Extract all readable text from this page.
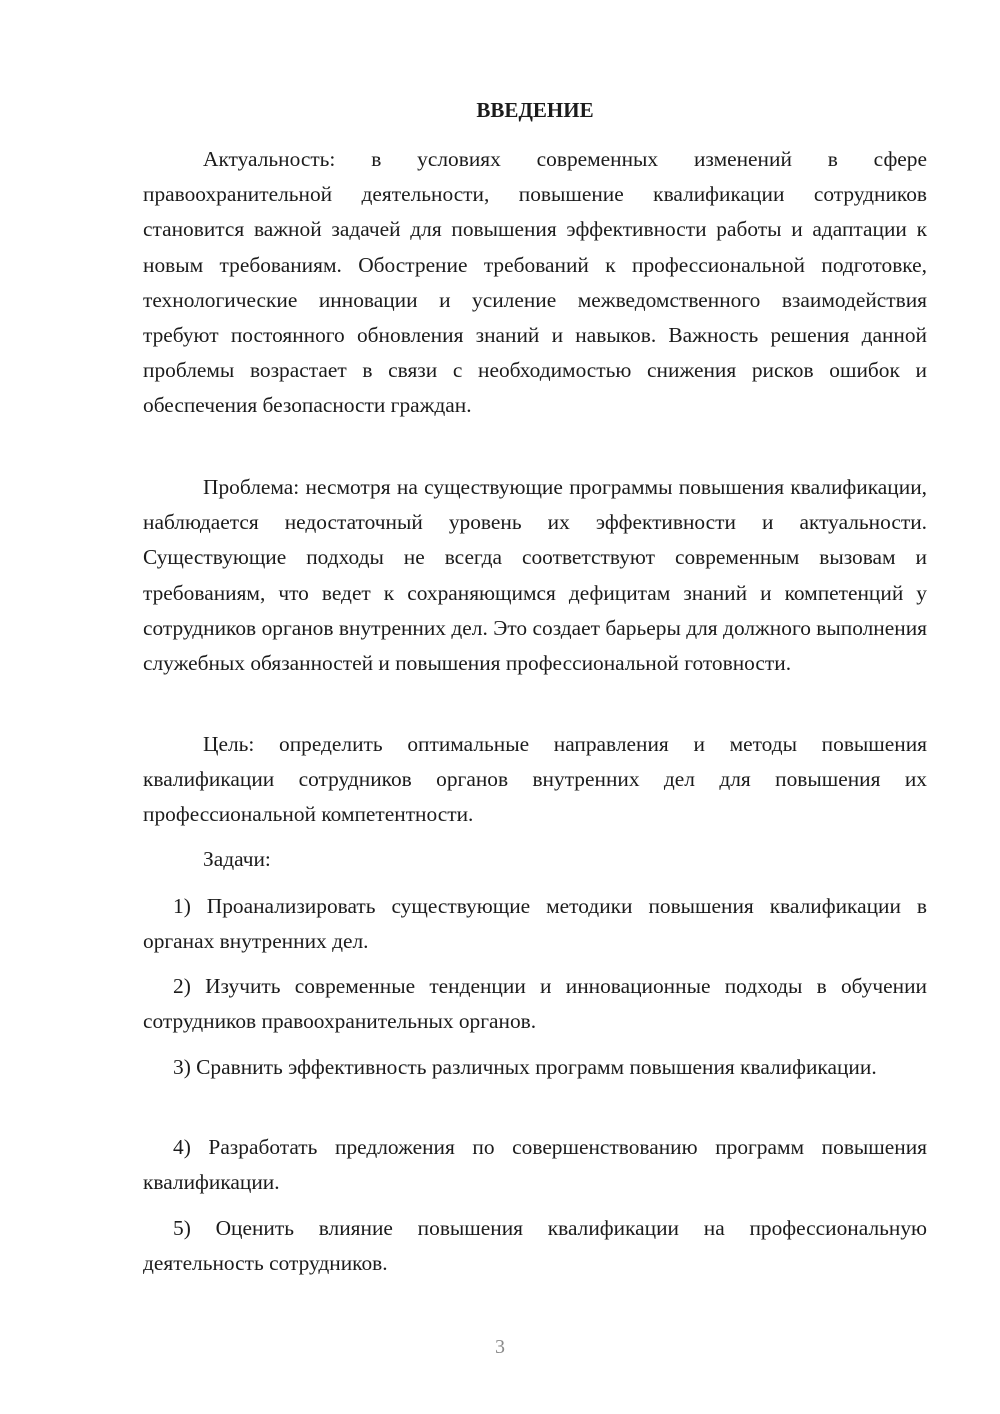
ВВЕДЕНИЕ

Актуальность: в условиях современных изменений в сфере правоохранительной деятельности, повышение квалификации сотрудников становится важной задачей для повышения эффективности работы и адаптации к новым требованиям. Обострение требований к профессиональной подготовке, технологические инновации и усиление межведомственного взаимодействия требуют постоянного обновления знаний и навыков. Важность решения данной проблемы возрастает в связи с необходимостью снижения рисков ошибок и обеспечения безопасности граждан.

Проблема: несмотря на существующие программы повышения квалификации, наблюдается недостаточный уровень их эффективности и актуальности. Существующие подходы не всегда соответствуют современным вызовам и требованиям, что ведет к сохраняющимся дефицитам знаний и компетенций у сотрудников органов внутренних дел. Это создает барьеры для должного выполнения служебных обязанностей и повышения профессиональной готовности.

Цель: определить оптимальные направления и методы повышения квалификации сотрудников органов внутренних дел для повышения их профессиональной компетентности.

Задачи:

1) Проанализировать существующие методики повышения квалификации в органах внутренних дел.

2) Изучить современные тенденции и инновационные подходы в обучении сотрудников правоохранительных органов.

3) Сравнить эффективность различных программ повышения квалификации.

4) Разработать предложения по совершенствованию программ повышения квалификации.

5) Оценить влияние повышения квалификации на профессиональную деятельность сотрудников.

3
